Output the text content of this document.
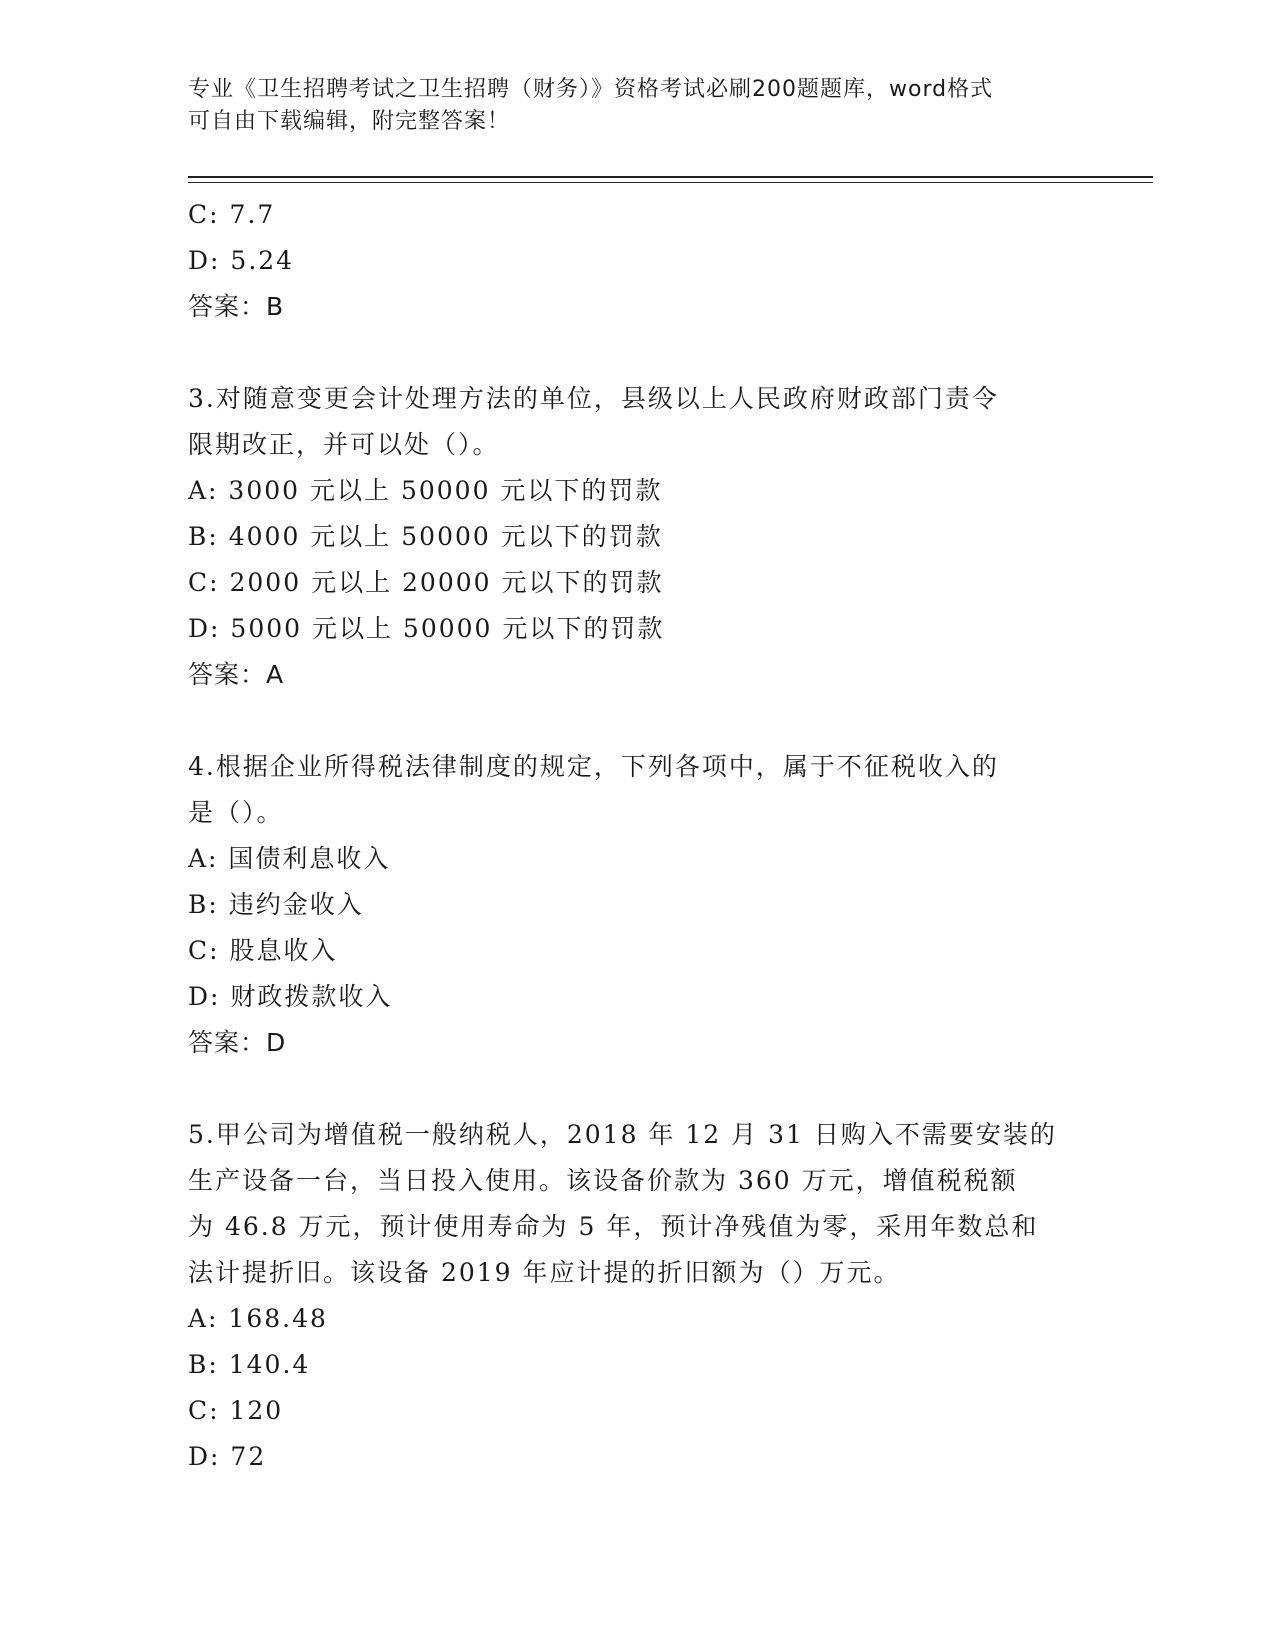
专业《卫生招聘考试之卫生招聘（财务）》资格考试必刷200题题库，word格式
可自由下载编辑，附完整答案！
C: 7.7
D: 5.24
答案：B
3.对随意变更会计处理方法的单位，县级以上人民政府财政部门责令
限期改正，并可以处（）。
A: 3000 元以上 50000 元以下的罚款
B: 4000 元以上 50000 元以下的罚款
C: 2000 元以上 20000 元以下的罚款
D: 5000 元以上 50000 元以下的罚款
答案：A
4.根据企业所得税法律制度的规定，下列各项中，属于不征税收入的
是（）。
A: 国债利息收入
B: 违约金收入
C: 股息收入
D: 财政拨款收入
答案：D
5.甲公司为增值税一般纳税人，2018 年 12 月 31 日购入不需要安装的
生产设备一台，当日投入使用。该设备价款为 360 万元，增值税税额
为 46.8 万元，预计使用寿命为 5 年，预计净残值为零，采用年数总和
法计提折旧。该设备 2019 年应计提的折旧额为（）万元。
A: 168.48
B: 140.4
C: 120
D: 72
